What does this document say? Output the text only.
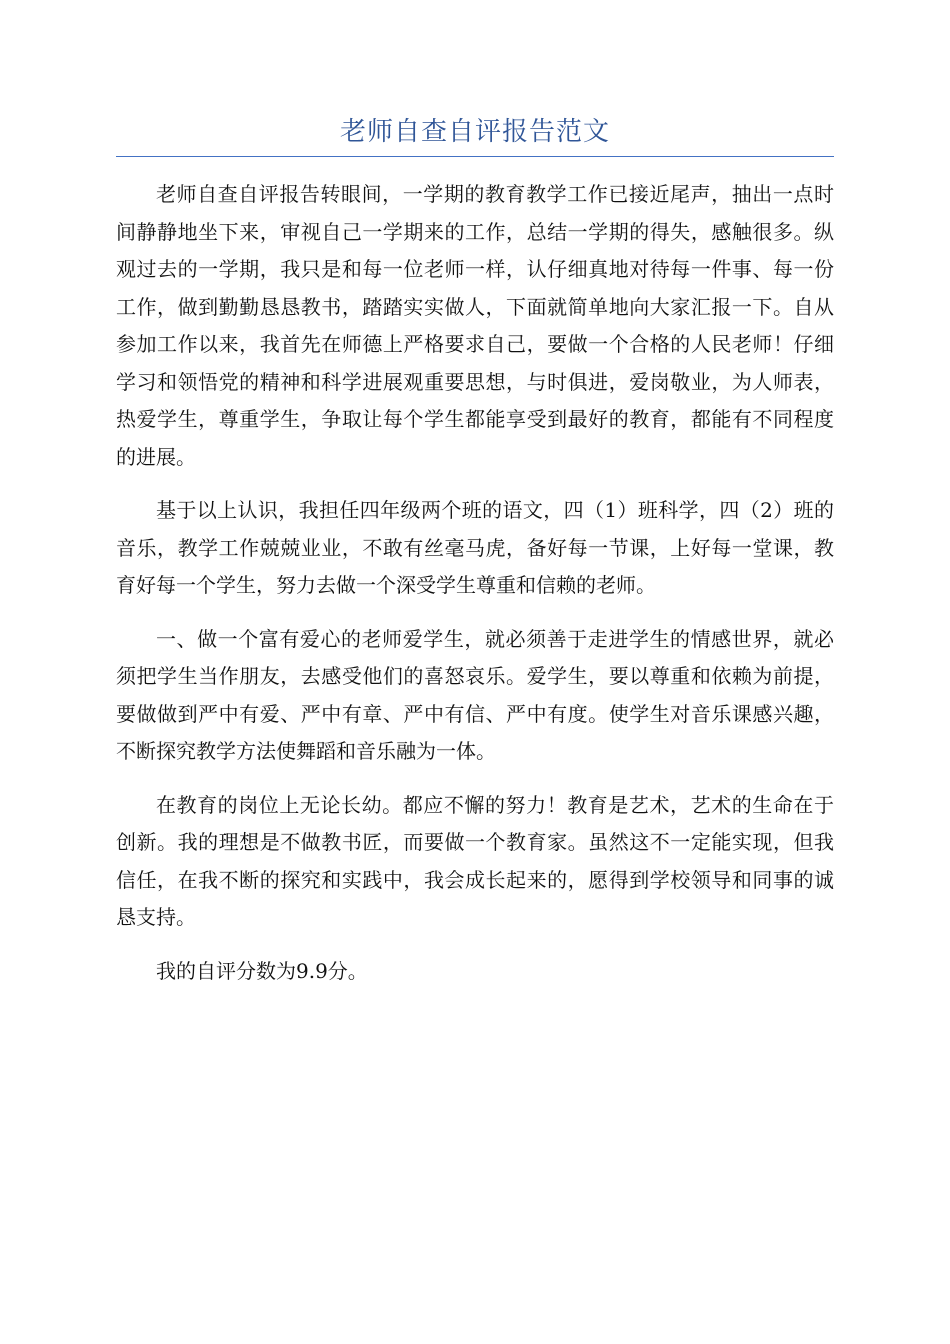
老师自查自评报告范文

老师自查自评报告转眼间，一学期的教育教学工作已接近尾声，抽出一点时间静静地坐下来，审视自己一学期来的工作，总结一学期的得失，感触很多。纵观过去的一学期，我只是和每一位老师一样，认仔细真地对待每一件事、每一份工作，做到勤勤恳恳教书，踏踏实实做人，下面就简单地向大家汇报一下。自从参加工作以来，我首先在师德上严格要求自己，要做一个合格的人民老师！仔细学习和领悟党的精神和科学进展观重要思想，与时俱进，爱岗敬业，为人师表，热爱学生，尊重学生，争取让每个学生都能享受到最好的教育，都能有不同程度的进展。

基于以上认识，我担任四年级两个班的语文，四（1）班科学，四（2）班的音乐，教学工作兢兢业业，不敢有丝毫马虎，备好每一节课，上好每一堂课，教育好每一个学生，努力去做一个深受学生尊重和信赖的老师。

一、做一个富有爱心的老师爱学生，就必须善于走进学生的情感世界，就必须把学生当作朋友，去感受他们的喜怒哀乐。爱学生，要以尊重和依赖为前提，要做做到严中有爱、严中有章、严中有信、严中有度。使学生对音乐课感兴趣，不断探究教学方法使舞蹈和音乐融为一体。

在教育的岗位上无论长幼。都应不懈的努力！教育是艺术，艺术的生命在于创新。我的理想是不做教书匠，而要做一个教育家。虽然这不一定能实现，但我信任，在我不断的探究和实践中，我会成长起来的，愿得到学校领导和同事的诚恳支持。

我的自评分数为9.9分。
